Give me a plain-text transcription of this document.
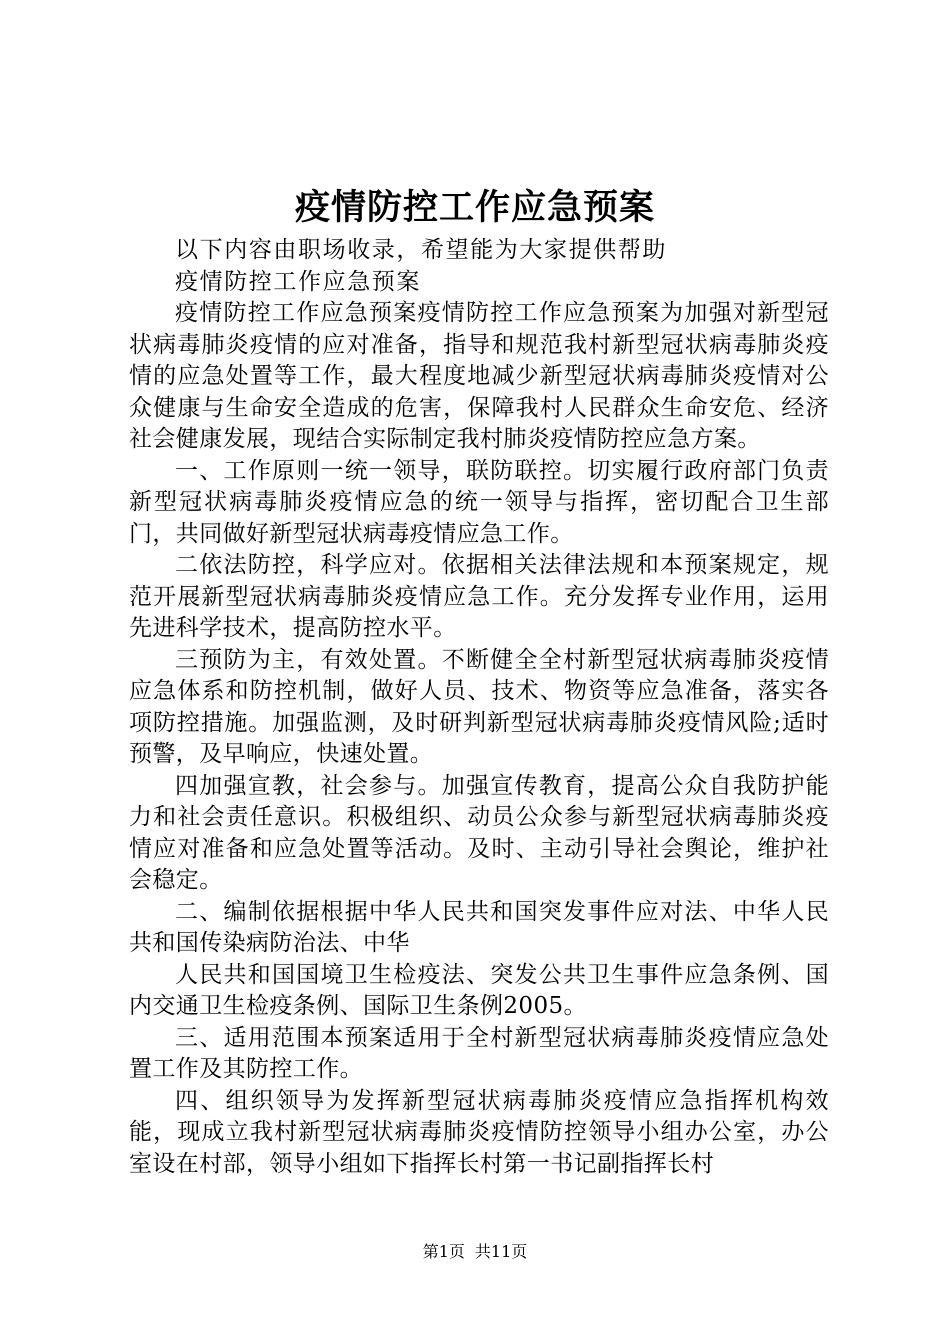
疫情防控工作应急预案

以下内容由职场收录，希望能为大家提供帮助

疫情防控工作应急预案

疫情防控工作应急预案疫情防控工作应急预案为加强对新型冠状病毒肺炎疫情的应对准备，指导和规范我村新型冠状病毒肺炎疫情的应急处置等工作，最大程度地减少新型冠状病毒肺炎疫情对公众健康与生命安全造成的危害，保障我村人民群众生命安危、经济社会健康发展，现结合实际制定我村肺炎疫情防控应急方案。

一、工作原则一统一领导，联防联控。切实履行政府部门负责新型冠状病毒肺炎疫情应急的统一领导与指挥，密切配合卫生部门，共同做好新型冠状病毒疫情应急工作。

二依法防控，科学应对。依据相关法律法规和本预案规定，规范开展新型冠状病毒肺炎疫情应急工作。充分发挥专业作用，运用先进科学技术，提高防控水平。

三预防为主，有效处置。不断健全全村新型冠状病毒肺炎疫情应急体系和防控机制，做好人员、技术、物资等应急准备，落实各项防控措施。加强监测，及时研判新型冠状病毒肺炎疫情风险;适时预警，及早响应，快速处置。

四加强宣教，社会参与。加强宣传教育，提高公众自我防护能力和社会责任意识。积极组织、动员公众参与新型冠状病毒肺炎疫情应对准备和应急处置等活动。及时、主动引导社会舆论，维护社会稳定。

二、编制依据根据中华人民共和国突发事件应对法、中华人民共和国传染病防治法、中华

人民共和国国境卫生检疫法、突发公共卫生事件应急条例、国内交通卫生检疫条例、国际卫生条例2005。

三、适用范围本预案适用于全村新型冠状病毒肺炎疫情应急处置工作及其防控工作。

四、组织领导为发挥新型冠状病毒肺炎疫情应急指挥机构效能，现成立我村新型冠状病毒肺炎疫情防控领导小组办公室，办公室设在村部，领导小组如下指挥长村第一书记副指挥长村

第1页 共11页
